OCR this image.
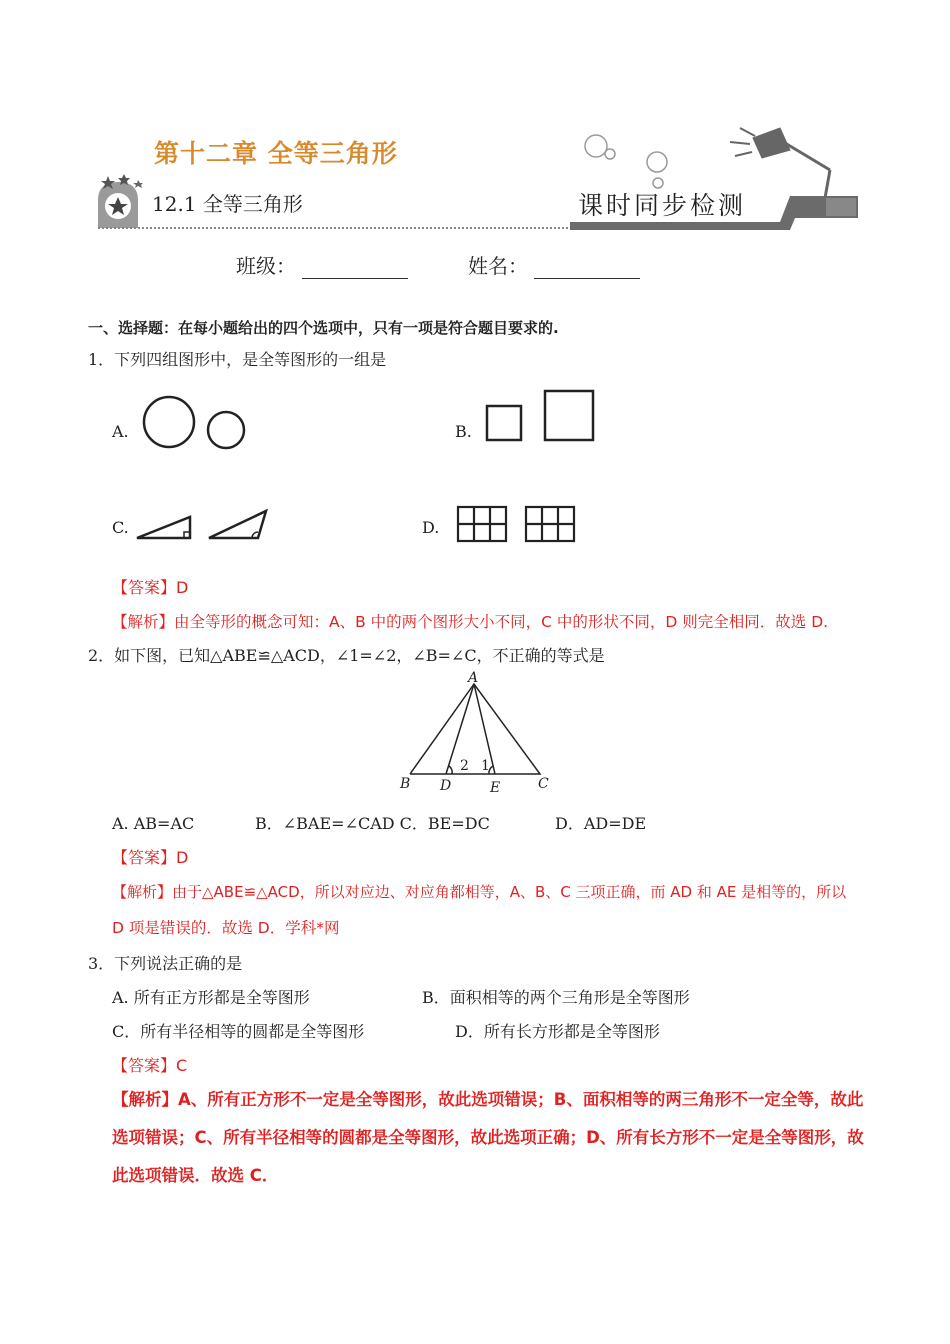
第十二章 全等三角形
12.1 全等三角形	课时同步检测
班级：	姓名：
一、选择题：在每小题给出的四个选项中，只有一项是符合题目要求的.
1．下列四组图形中，是全等图形的一组是
A.	B.
C.	D.
【答案】D
【解析】由全等形的概念可知：A、B 中的两个图形大小不同，C 中的形状不同，D 则完全相同．故选 D.
2．如下图，已知△ABE≌△ACD，∠1=∠2，∠B=∠C，不正确的等式是
A
B D	E	C
2 1
A. AB=AC	B．∠BAE=∠CAD C．BE=DC	D．AD=DE
【答案】D
【解析】由于△ABE≌△ACD，所以对应边、对应角都相等，A、B、C 三项正确，而 AD 和 AE 是相等的，所以
D 项是错误的．故选 D．学科*网
3．下列说法正确的是
A. 所有正方形都是全等图形	B．面积相等的两个三角形是全等图形
C．所有半径相等的圆都是全等图形	D．所有长方形都是全等图形
【答案】C
【解析】A、所有正方形不一定是全等图形，故此选项错误；B、面积相等的两三角形不一定全等，故此
选项错误；C、所有半径相等的圆都是全等图形，故此选项正确；D、所有长方形不一定是全等图形，故
此选项错误．故选 C．
